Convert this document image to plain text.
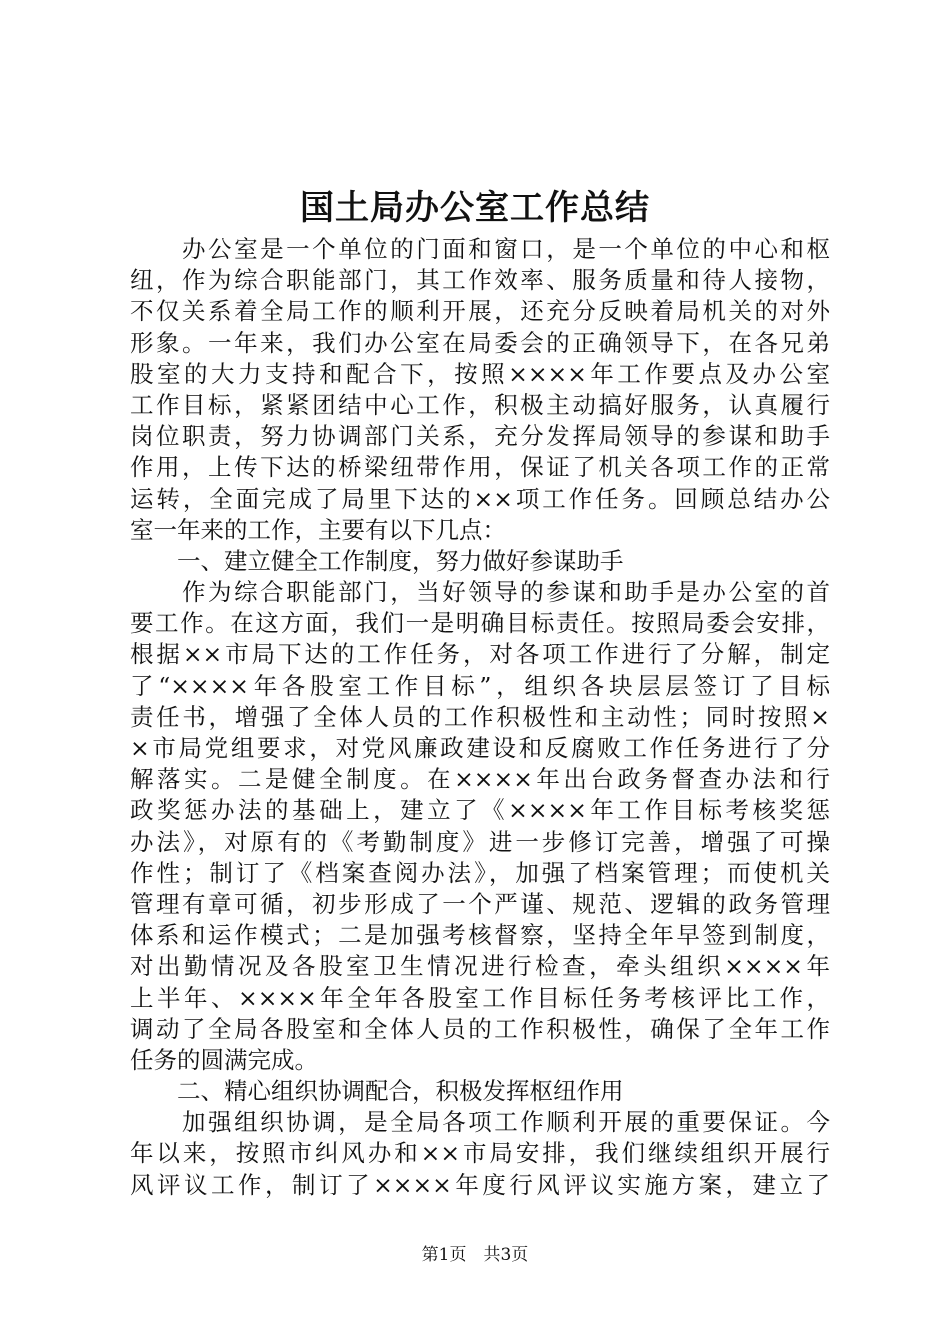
国土局办公室工作总结
　　办公室是一个单位的门面和窗口，是一个单位的中心和枢
纽，作为综合职能部门，其工作效率、服务质量和待人接物，
不仅关系着全局工作的顺利开展，还充分反映着局机关的对外
形象。一年来，我们办公室在局委会的正确领导下，在各兄弟
股室的大力支持和配合下，按照××××年工作要点及办公室
工作目标，紧紧团结中心工作，积极主动搞好服务，认真履行
岗位职责，努力协调部门关系，充分发挥局领导的参谋和助手
作用，上传下达的桥梁纽带作用，保证了机关各项工作的正常
运转，全面完成了局里下达的××项工作任务。回顾总结办公
室一年来的工作，主要有以下几点：
　　一、建立健全工作制度，努力做好参谋助手
　　作为综合职能部门，当好领导的参谋和助手是办公室的首
要工作。在这方面，我们一是明确目标责任。按照局委会安排，
根据××市局下达的工作任务，对各项工作进行了分解，制定
了“××××年各股室工作目标”，组织各块层层签订了目标
责任书，增强了全体人员的工作积极性和主动性；同时按照×
×市局党组要求，对党风廉政建设和反腐败工作任务进行了分
解落实。二是健全制度。在××××年出台政务督查办法和行
政奖惩办法的基础上，建立了《××××年工作目标考核奖惩
办法》，对原有的《考勤制度》进一步修订完善，增强了可操
作性；制订了《档案查阅办法》，加强了档案管理；而使机关
管理有章可循，初步形成了一个严谨、规范、逻辑的政务管理
体系和运作模式；二是加强考核督察，坚持全年早签到制度，
对出勤情况及各股室卫生情况进行检查，牵头组织××××年
上半年、××××年全年各股室工作目标任务考核评比工作，
调动了全局各股室和全体人员的工作积极性，确保了全年工作
任务的圆满完成。
　　二、精心组织协调配合，积极发挥枢纽作用
　　加强组织协调，是全局各项工作顺利开展的重要保证。今
年以来，按照市纠风办和××市局安排，我们继续组织开展行
风评议工作，制订了××××年度行风评议实施方案，建立了
第1页　共3页
